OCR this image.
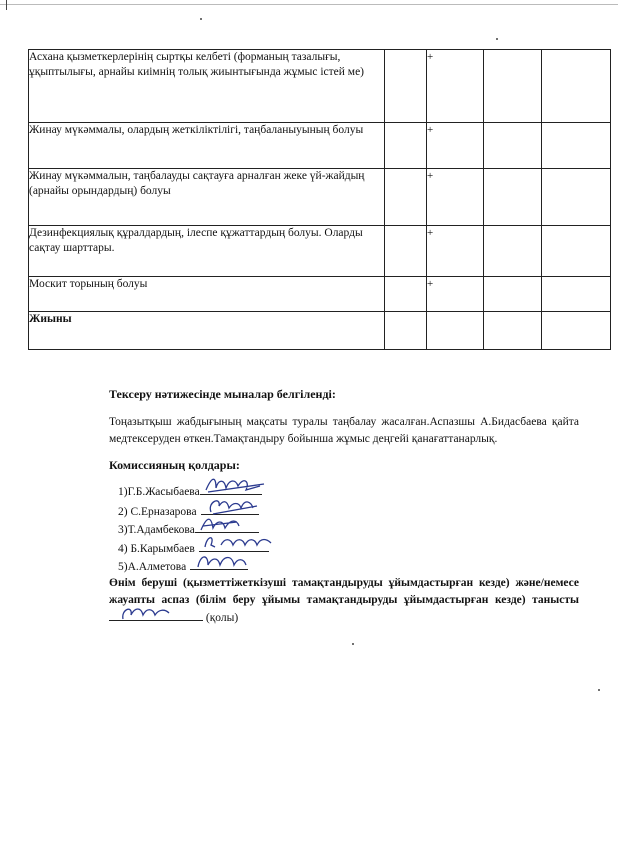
Асхана қызметкерлерінің сыртқы келбеті (форманың тазалығы, ұқыптылығы, арнайы киімнің толық жиынтығында жұмыс істей ме)		+		
Жинау мүкәммалы, олардың жеткіліктілігі, таңбаланыуының болуы		+		
Жинау мүкәммалын, таңбалауды сақтауға арналған жеке үй-жайдың (арнайы орындардың) болуы		+		
Дезинфекциялық құралдардың, ілеспе құжаттардың болуы. Оларды сақтау шарттары.		+		
Москит торының болуы		+		
Жиыны				
Тексеру нәтижесінде мыналар белгіленді:
Тоңазытқыш жабдығының мақсаты туралы таңбалау жасалған.Аспазшы А.Бидасбаева қайта медтексеруден өткен.Тамақтандыру бойынша жұмыс деңгейі қанағаттанарлық.
Комиссияның қолдары:
1)Г.Б.Жасыбаева
2) С.Ерназарова
3)Т.Адамбекова
4) Б.Карымбаев
5)А.Алметова
Өнім беруші (қызметтіжеткізуші тамақтандыруды ұйымдастырған кезде) және/немесе жауапты аспаз (білім беру ұйымы тамақтандыруды ұйымдастырған кезде) танысты
(қолы)
